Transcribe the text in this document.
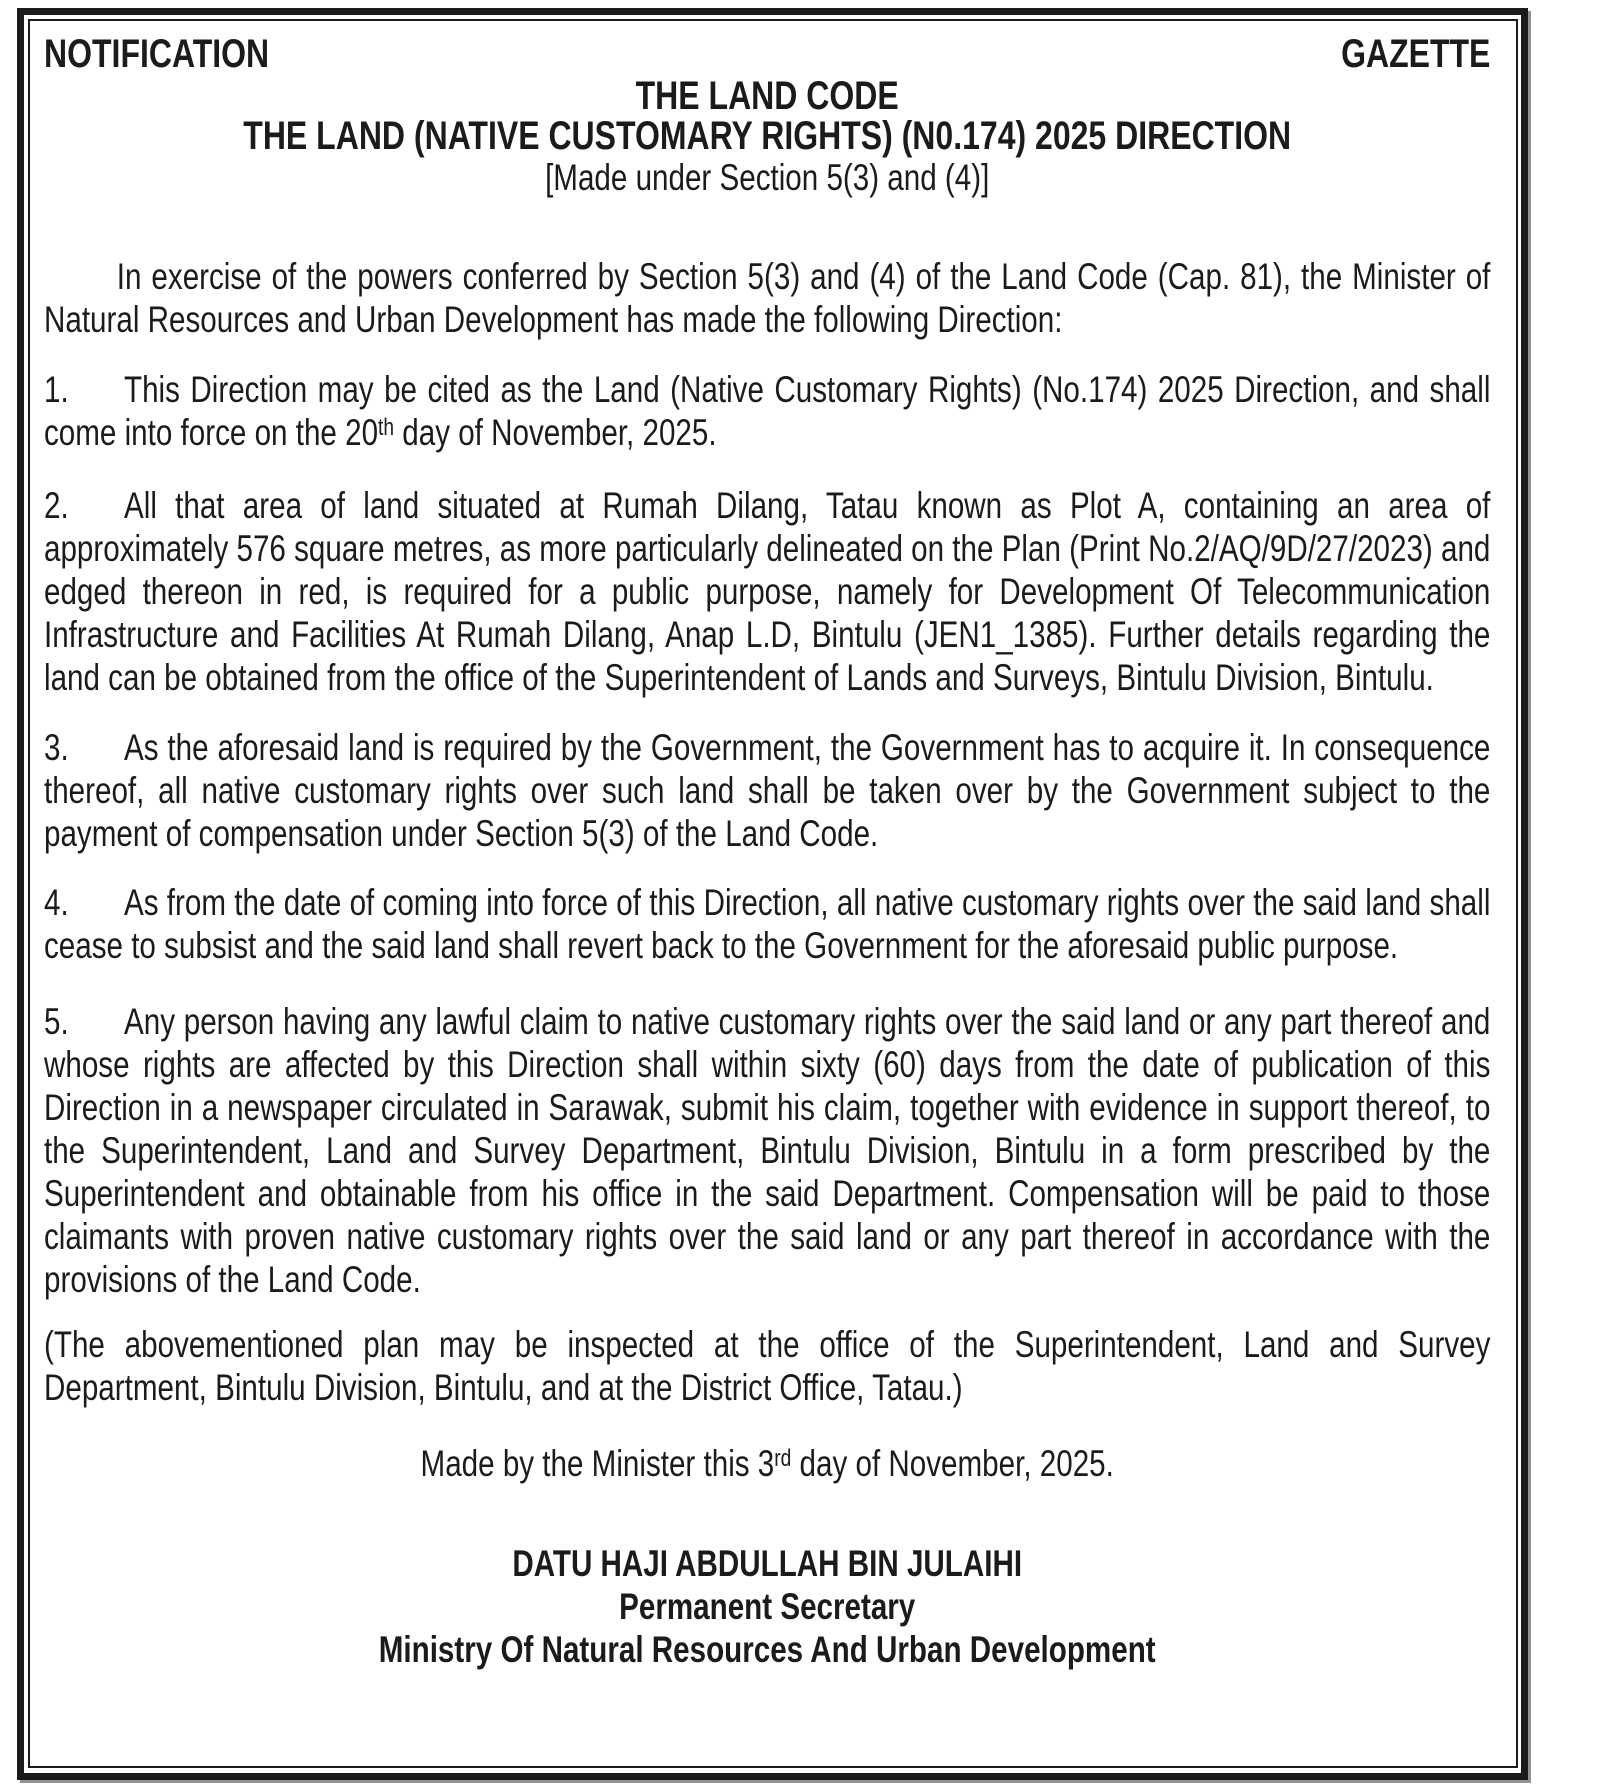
NOTIFICATION	GAZETTE
THE LAND CODE
THE LAND (NATIVE CUSTOMARY RIGHTS) (N0.174) 2025 DIRECTION
[Made under Section 5(3) and (4)]

In exercise of the powers conferred by Section 5(3) and (4) of the Land Code (Cap. 81), the Minister of Natural Resources and Urban Development has made the following Direction:

1. This Direction may be cited as the Land (Native Customary Rights) (No.174) 2025 Direction, and shall come into force on the 20th day of November, 2025.

2. All that area of land situated at Rumah Dilang, Tatau known as Plot A, containing an area of approximately 576 square metres, as more particularly delineated on the Plan (Print No.2/AQ/9D/27/2023) and edged thereon in red, is required for a public purpose, namely for Development Of Telecommunication Infrastructure and Facilities At Rumah Dilang, Anap L.D, Bintulu (JEN1_1385). Further details regarding the land can be obtained from the office of the Superintendent of Lands and Surveys, Bintulu Division, Bintulu.

3. As the aforesaid land is required by the Government, the Government has to acquire it. In consequence thereof, all native customary rights over such land shall be taken over by the Government subject to the payment of compensation under Section 5(3) of the Land Code.

4. As from the date of coming into force of this Direction, all native customary rights over the said land shall cease to subsist and the said land shall revert back to the Government for the aforesaid public purpose.

5. Any person having any lawful claim to native customary rights over the said land or any part thereof and whose rights are affected by this Direction shall within sixty (60) days from the date of publication of this Direction in a newspaper circulated in Sarawak, submit his claim, together with evidence in support thereof, to the Superintendent, Land and Survey Department, Bintulu Division, Bintulu in a form prescribed by the Superintendent and obtainable from his office in the said Department. Compensation will be paid to those claimants with proven native customary rights over the said land or any part thereof in accordance with the provisions of the Land Code.

(The abovementioned plan may be inspected at the office of the Superintendent, Land and Survey Department, Bintulu Division, Bintulu, and at the District Office, Tatau.)

Made by the Minister this 3rd day of November, 2025.

DATU HAJI ABDULLAH BIN JULAIHI
Permanent Secretary
Ministry Of Natural Resources And Urban Development
